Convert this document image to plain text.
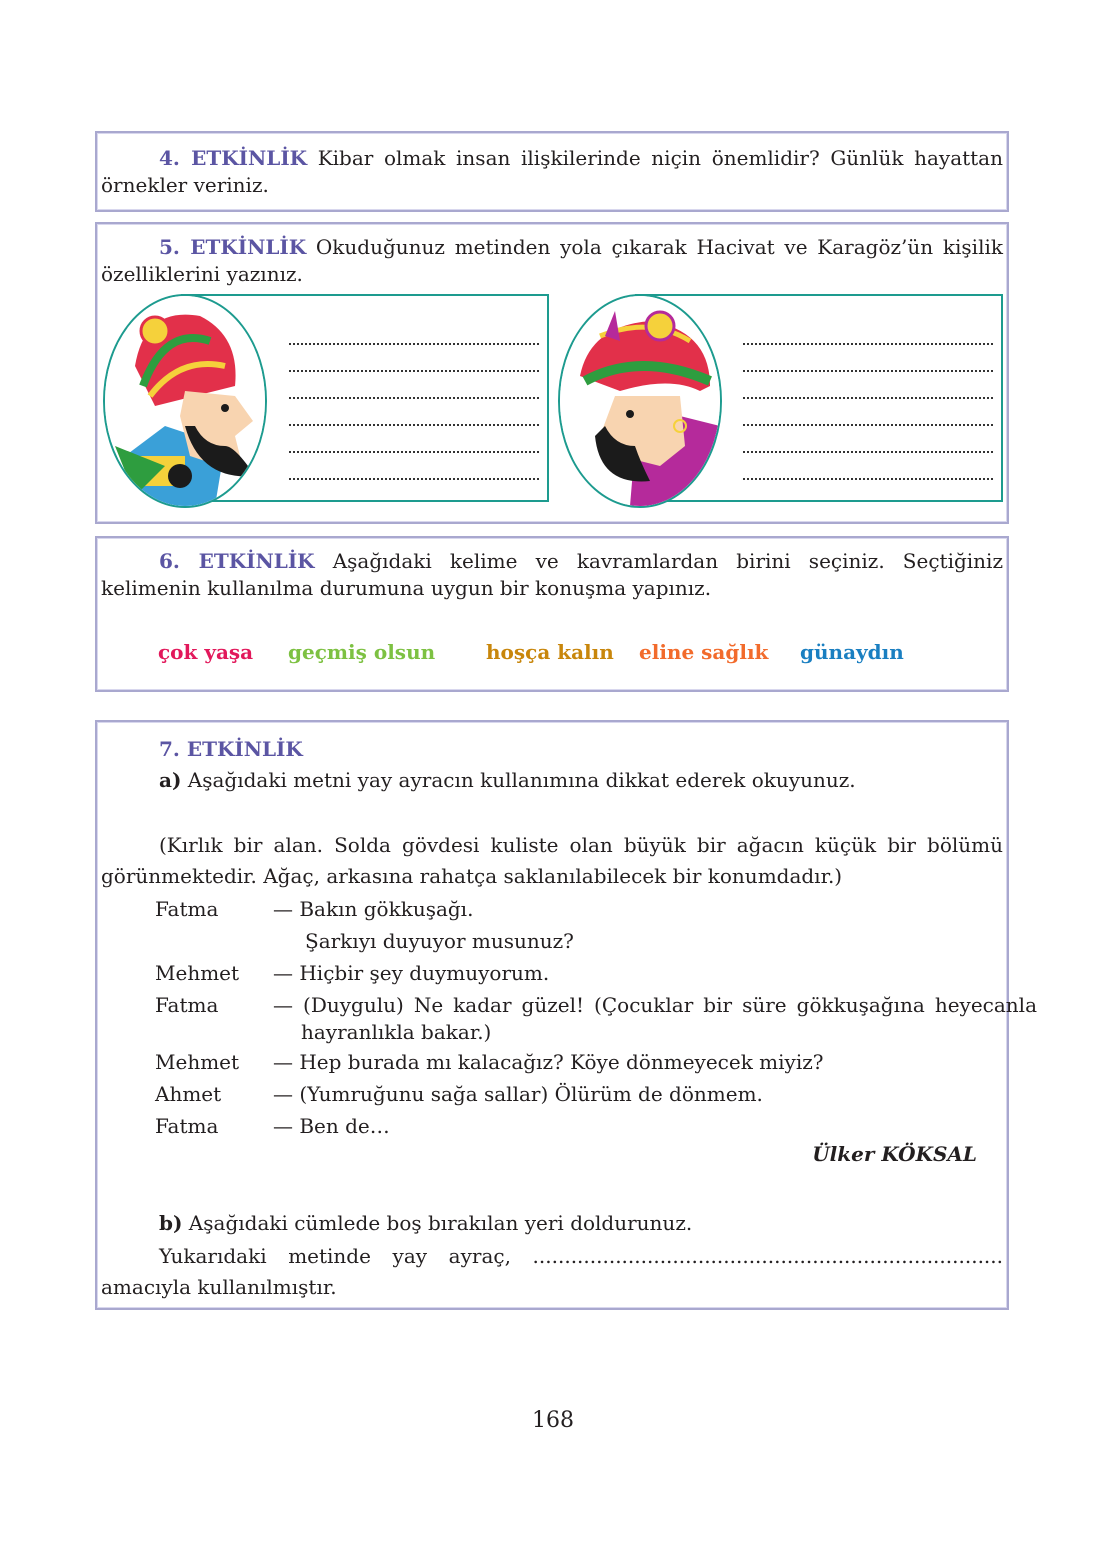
4. ETKİNLİK Kibar olmak insan ilişkilerinde niçin önemlidir? Günlük hayattan örnekler veriniz.

5. ETKİNLİK Okuduğunuz metinden yola çıkarak Hacivat ve Karagöz’ün kişilik özelliklerini yazınız.

6. ETKİNLİK Aşağıdaki kelime ve kavramlardan birini seçiniz. Seçtiğiniz kelimenin kullanılma durumuna uygun bir konuşma yapınız.

çok yaşa geçmiş olsun	hoşça kalın eline sağlık günaydın

7. ETKİNLİK

a) Aşağıdaki metni yay ayracın kullanımına dikkat ederek okuyunuz.

(Kırlık bir alan. Solda gövdesi kuliste olan büyük bir ağacın küçük bir bölümü görünmektedir. Ağaç, arkasına rahatça saklanılabilecek bir konumdadır.)

Fatma	— Bakın gökkuşağı.
Şarkıyı duyuyor musunuz?
Mehmet	— Hiçbir şey duymuyorum.
Fatma	— (Duygulu) Ne kadar güzel! (Çocuklar bir süre gökkuşağına heyecanla hayranlıkla bakar.)
Mehmet	— Hep burada mı kalacağız? Köye dönmeyecek miyiz?
Ahmet	— (Yumruğunu sağa sallar) Ölürüm de dönmem.
Fatma	— Ben de…
Ülker KÖKSAL

b) Aşağıdaki cümlede boş bırakılan yeri doldurunuz.

Yukarıdaki metinde yay ayraç, .......................................................................... amacıyla kullanılmıştır.

168
